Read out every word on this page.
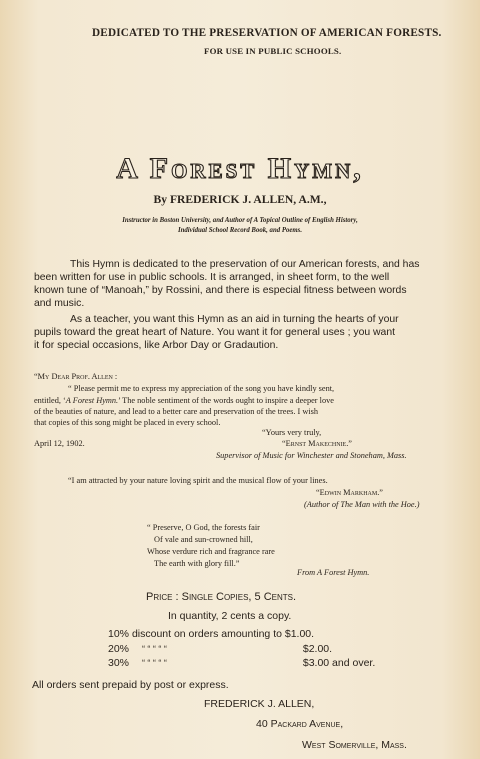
DEDICATED TO THE PRESERVATION OF AMERICAN FORESTS.
FOR USE IN PUBLIC SCHOOLS.
A Forest Hymn,
By FREDERICK J. ALLEN, A.M.,
Instructor in Boston University, and Author of A Topical Outline of English History,
Individual School Record Book, and Poems.
This Hymn is dedicated to the preservation of our American forests, and has
been written for use in public schools. It is arranged, in sheet form, to the well
known tune of “Manoah,” by Rossini, and there is especial fitness between words
and music.
As a teacher, you want this Hymn as an aid in turning the hearts of your
pupils toward the great heart of Nature. You want it for general uses ; you want
it for special occasions, like Arbor Day or Gradaution.
“My Dear Prof. Allen :
“ Please permit me to express my appreciation of the song you have kindly sent,
entitled, ‘A Forest Hymn.’ The noble sentiment of the words ought to inspire a deeper love
of the beauties of nature, and lead to a better care and preservation of the trees. I wish
that copies of this song might be placed in every school.
“Yours very truly,
April 12, 1902.	“Ernst Makechnie.”
Supervisor of Music for Winchester and Stoneham, Mass.
“I am attracted by your nature loving spirit and the musical flow of your lines.
“Edwin Markham.”
(Author of The Man with the Hoe.)
“ Preserve, O God, the forests fair
Of vale and sun-crowned hill,
Whose verdure rich and fragrance rare
The earth with glory fill.”
From A Forest Hymn.
Price : Single Copies, 5 Cents.
In quantity, 2 cents a copy.
10% discount on orders amounting to $1.00.
20% “ “ “ “ “	$2.00.
30% “ “ “ “ “	$3.00 and over.
All orders sent prepaid by post or express.
FREDERICK J. ALLEN,
40 Packard Avenue,
West Somerville, Mass.
